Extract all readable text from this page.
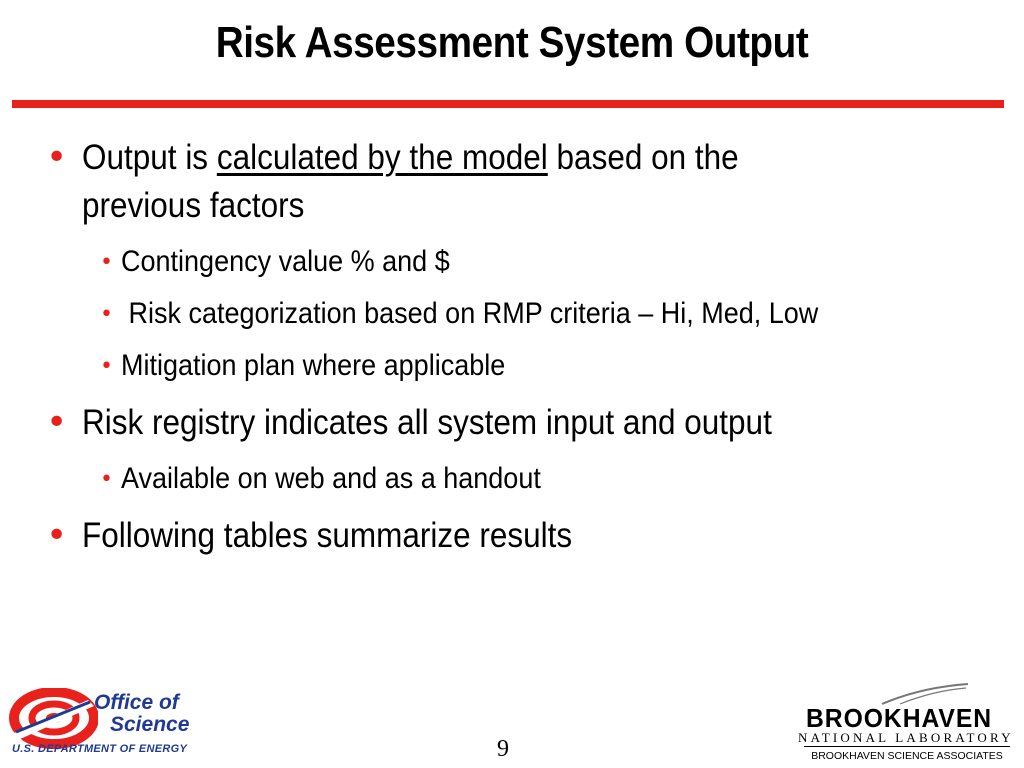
Risk Assessment System Output
• Output is calculated by the model based on the
previous factors
• Contingency value % and $
• Risk categorization based on RMP criteria – Hi, Med, Low
• Mitigation plan where applicable
• Risk registry indicates all system input and output
• Available on web and as a handout
• Following tables summarize results
Office of
Science
U.S. DEPARTMENT OF ENERGY	9
BROOKHAVEN
NATIONAL LABORATORY
BROOKHAVEN SCIENCE ASSOCIATES
